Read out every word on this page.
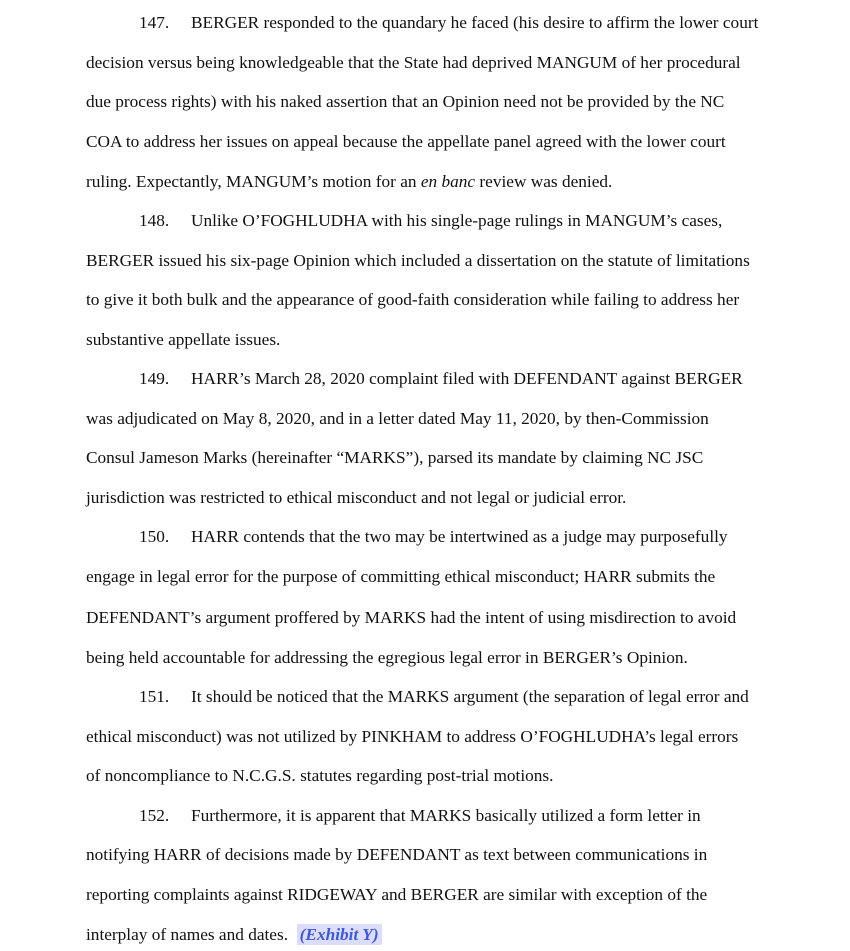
147. BERGER responded to the quandary he faced (his desire to affirm the lower court
decision versus being knowledgeable that the State had deprived MANGUM of her procedural
due process rights) with his naked assertion that an Opinion need not be provided by the NC
COA to address her issues on appeal because the appellate panel agreed with the lower court
ruling. Expectantly, MANGUM’s motion for an en banc review was denied.
148. Unlike O’FOGHLUDHA with his single-page rulings in MANGUM’s cases,
BERGER issued his six-page Opinion which included a dissertation on the statute of limitations
to give it both bulk and the appearance of good-faith consideration while failing to address her
substantive appellate issues.
149. HARR’s March 28, 2020 complaint filed with DEFENDANT against BERGER
was adjudicated on May 8, 2020, and in a letter dated May 11, 2020, by then-Commission
Consul Jameson Marks (hereinafter “MARKS”), parsed its mandate by claiming NC JSC
jurisdiction was restricted to ethical misconduct and not legal or judicial error.
150. HARR contends that the two may be intertwined as a judge may purposefully
engage in legal error for the purpose of committing ethical misconduct; HARR submits the
DEFENDANT’s argument proffered by MARKS had the intent of using misdirection to avoid
being held accountable for addressing the egregious legal error in BERGER’s Opinion.
151. It should be noticed that the MARKS argument (the separation of legal error and
ethical misconduct) was not utilized by PINKHAM to address O’FOGHLUDHA’s legal errors
of noncompliance to N.C.G.S. statutes regarding post-trial motions.
152. Furthermore, it is apparent that MARKS basically utilized a form letter in
notifying HARR of decisions made by DEFENDANT as text between communications in
reporting complaints against RIDGEWAY and BERGER are similar with exception of the
interplay of names and dates.  (Exhibit Y)
